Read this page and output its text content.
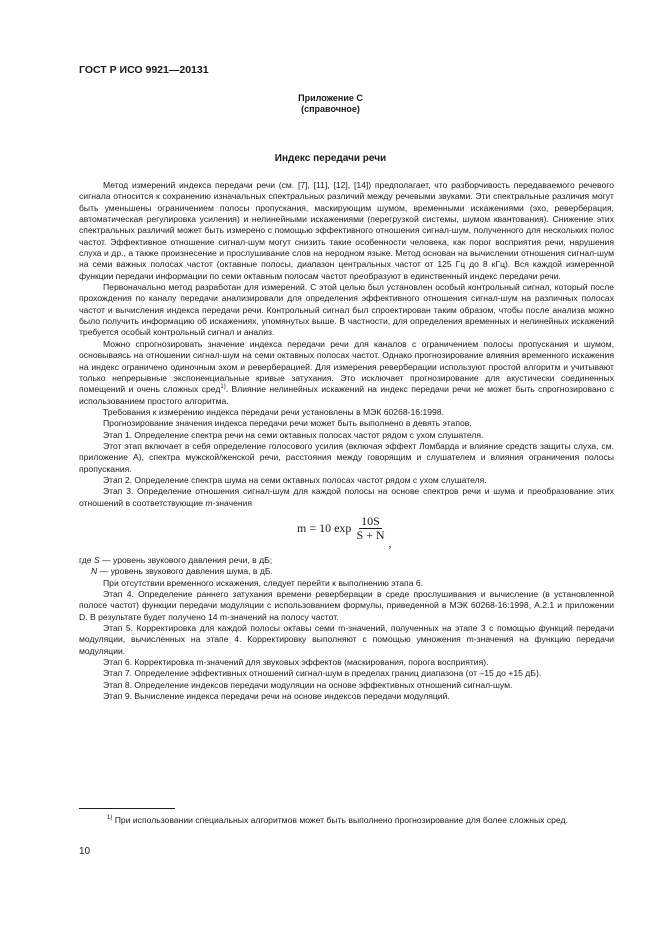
ГОСТ Р ИСО 9921—20131
Приложение С
(справочное)
Индекс передачи речи

Метод измерений индекса передачи речи (см. [7], [11], [12], [14]) предполагает, что разборчивость передаваемого речевого сигнала относится к сохранению изначальных спектральных различий между речевыми звуками. Эти спектральные различия могут быть уменьшены ограничением полосы пропускания, маскирующим шумом, временными искажениями (эхо, реверберация, автоматическая регулировка усиления) и нелинейными искажениями (перегрузкой системы, шумом квантования). Снижение этих спектральных различий может быть измерено с помощью эффективного отношения сигнал-шум, полученного для нескольких полос частот. Эффективное отношение сигнал-шум могут снизить такие особенности человека, как порог восприятия речи, нарушения слуха и др., а также произнесение и прослушивание слов на неродном языке. Метод основан на вычислении отношения сигнал-шум на семи важных полосах частот (октавные полосы, диапазон центральных частот от 125 Гц до 8 кГц). Вся каждой измеренной функции передачи информации по семи октавным полосам частот преобразуют в единственный индекс передачи речи.

Первоначально метод разработан для измерений. С этой целью был установлен особый контрольный сигнал, который после прохождения по каналу передачи анализировали для определения эффективного отношения сигнал-шум на различных полосах частот и вычисления индекса передачи речи. Контрольный сигнал был спроектирован таким образом, чтобы после анализа можно было получить информацию об искажениях, упомянутых выше. В частности, для определения временных и нелинейных искажений требуется особый контрольный сигнал и анализ.

Можно спрогнозировать значение индекса передачи речи для каналов с ограничением полосы пропускания и шумом, основываясь на отношении сигнал-шум на семи октавных полосах частот. Однако прогнозирование влияния временного искажения на индекс ограничено одиночным эхом и реверберацией. Для измерения реверберации используют простой алгоритм и учитывают только непрерывные экспоненциальные кривые затухания. Это исключает прогнозирование для акустически соединенных помещений и очень сложных сред$^{1)}$. Влияние нелинейных искажений на индекс передачи речи не может быть спрогнозировано с использованием простого алгоритма.

Требования к измерению индекса передачи речи установлены в МЭК 60268-16:1998.

Прогнозирование значения индекса передачи речи может быть выполнено в девять этапов.

Этап 1. Определение спектра речи на семи октавных полосах частот рядом с ухом слушателя.

Этот этап включает в себя определение голосового усилия (включая эффект Ломбарда и влияние средств защиты слуха, см. приложение А), спектра мужской/женской речи, расстояния между говорящим и слушателем и влияния ограничения полосы пропускания.

Этап 2. Определение спектра шума на семи октавных полосах частот рядом с ухом слушателя.

Этап 3. Определение отношения сигнал-шум для каждой полосы на основе спектров речи и шума и преобразование этих отношений в соответствующие m-значения

m = 10 $\exp \frac{10S}{S + N}$
,

где S — уровень звукового давления речи, в дБ;

N — уровень звукового давления шума, в дБ.

При отсутствии временного искажения, следует перейти к выполнению этапа 6.

Этап 4. Определение раннего затухания времени реверберации в среде прослушивания и вычисление (в установленной полосе частот) функции передачи модуляции с использованием формулы, приведенной в МЭК 60268-16:1998, А.2.1 и приложении D. В результате будет получено 14 m-значений на полосу частот.

Этап 5. Корректировка для каждой полосы октавы семи m-значений, полученных на этапе 3 с помощью функций передачи модуляции, вычисленных на этапе 4. Корректировку выполняют с помощью умножения m-значения на функцию передачи модуляции.

Этап 6. Корректировка m-значений для звуковых эффектов (маскирования, порога восприятия).

Этап 7. Определение эффективных отношений сигнал-шум в пределах границ диапазона (от –15 до +15 дБ).

Этап 8. Определение индексов передачи модуляции на основе эффективных отношений сигнал-шум.

Этап 9. Вычисление индекса передачи речи на основе индексов передачи модуляций.

$^{1)}$ При использовании специальных алгоритмов может быть выполнено прогнозирование для более сложных сред.
10
